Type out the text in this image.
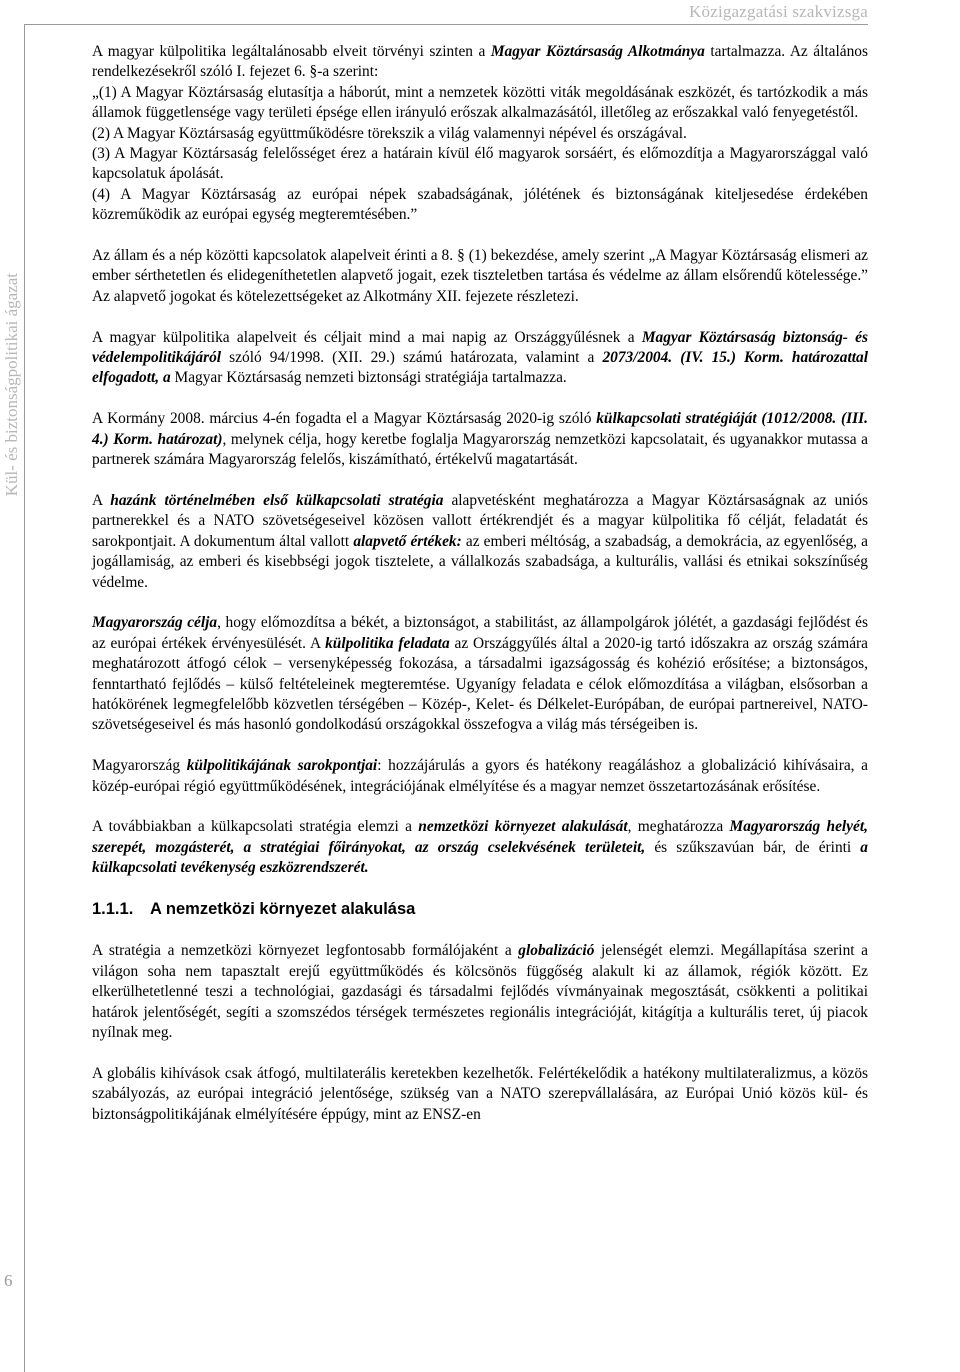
Közigazgatási szakvizsga
Kül- és biztonságpolitikai ágazat
6

A magyar külpolitika legáltalánosabb elveit törvényi szinten a Magyar Köztársaság Alkotmánya tartalmazza. Az általános rendelkezésekről szóló I. fejezet 6. §-a szerint:

„(1) A Magyar Köztársaság elutasítja a háborút, mint a nemzetek közötti viták megoldásának eszközét, és tartózkodik a más államok függetlensége vagy területi épsége ellen irányuló erőszak alkalmazásától, illetőleg az erőszakkal való fenyegetéstől.

(2) A Magyar Köztársaság együttműködésre törekszik a világ valamennyi népével és országával.

(3) A Magyar Köztársaság felelősséget érez a határain kívül élő magyarok sorsáért, és előmozdítja a Magyarországgal való kapcsolatuk ápolását.

(4) A Magyar Köztársaság az európai népek szabadságának, jólétének és biztonságának kiteljesedése érdekében közreműködik az európai egység megteremtésében.”

Az állam és a nép közötti kapcsolatok alapelveit érinti a 8. § (1) bekezdése, amely szerint „A Magyar Köztársaság elismeri az ember sérthetetlen és elidegeníthetetlen alapvető jogait, ezek tiszteletben tartása és védelme az állam elsőrendű kötelessége.” Az alapvető jogokat és kötelezettségeket az Alkotmány XII. fejezete részletezi.

A magyar külpolitika alapelveit és céljait mind a mai napig az Országgyűlésnek a Magyar Köztársaság biztonság- és védelempolitikájáról szóló 94/1998. (XII. 29.) számú határozata, valamint a 2073/2004. (IV. 15.) Korm. határozattal elfogadott, a Magyar Köztársaság nemzeti biztonsági stratégiája tartalmazza.

A Kormány 2008. március 4-én fogadta el a Magyar Köztársaság 2020-ig szóló külkapcsolati stratégiáját (1012/2008. (III. 4.) Korm. határozat), melynek célja, hogy keretbe foglalja Magyarország nemzetközi kapcsolatait, és ugyanakkor mutassa a partnerek számára Magyarország felelős, kiszámítható, értékelvű magatartását.

A hazánk történelmében első külkapcsolati stratégia alapvetésként meghatározza a Magyar Köztársaságnak az uniós partnerekkel és a NATO szövetségeseivel közösen vallott értékrendjét és a magyar külpolitika fő célját, feladatát és sarokpontjait. A dokumentum által vallott alapvető értékek: az emberi méltóság, a szabadság, a demokrácia, az egyenlőség, a jogállamiság, az emberi és kisebbségi jogok tisztelete, a vállalkozás szabadsága, a kulturális, vallási és etnikai sokszínűség védelme.

Magyarország célja, hogy előmozdítsa a békét, a biztonságot, a stabilitást, az állampolgárok jólétét, a gazdasági fejlődést és az európai értékek érvényesülését. A külpolitika feladata az Országgyűlés által a 2020-ig tartó időszakra az ország számára meghatározott átfogó célok – versenyképesség fokozása, a társadalmi igazságosság és kohézió erősítése; a biztonságos, fenntartható fejlődés – külső feltételeinek megteremtése. Ugyanígy feladata e célok előmozdítása a világban, elsősorban a hatókörének legmegfelelőbb közvetlen térségében – Közép-, Kelet- és Délkelet-Európában, de európai partnereivel, NATO-szövetségeseivel és más hasonló gondolkodású országokkal összefogva a világ más térségeiben is.

Magyarország külpolitikájának sarokpontjai: hozzájárulás a gyors és hatékony reagáláshoz a globalizáció kihívásaira, a közép-európai régió együttműködésének, integrációjának elmélyítése és a magyar nemzet összetartozásának erősítése.

A továbbiakban a külkapcsolati stratégia elemzi a nemzetközi környezet alakulását, meghatározza Magyarország helyét, szerepét, mozgásterét, a stratégiai főirányokat, az ország cselekvésének területeit, és szűkszavúan bár, de érinti a külkapcsolati tevékenység eszközrendszerét.

1.1.1. A nemzetközi környezet alakulása

A stratégia a nemzetközi környezet legfontosabb formálójaként a globalizáció jelenségét elemzi. Megállapítása szerint a világon soha nem tapasztalt erejű együttműködés és kölcsönös függőség alakult ki az államok, régiók között. Ez elkerülhetetlenné teszi a technológiai, gazdasági és társadalmi fejlődés vívmányainak megosztását, csökkenti a politikai határok jelentőségét, segíti a szomszédos térségek természetes regionális integrációját, kitágítja a kulturális teret, új piacok nyílnak meg.

A globális kihívások csak átfogó, multilaterális keretekben kezelhetők. Felértékelődik a hatékony multilateralizmus, a közös szabályozás, az európai integráció jelentősége, szükség van a NATO szerepvállalására, az Európai Unió közös kül- és biztonságpolitikájának elmélyítésére éppúgy, mint az ENSZ-en
